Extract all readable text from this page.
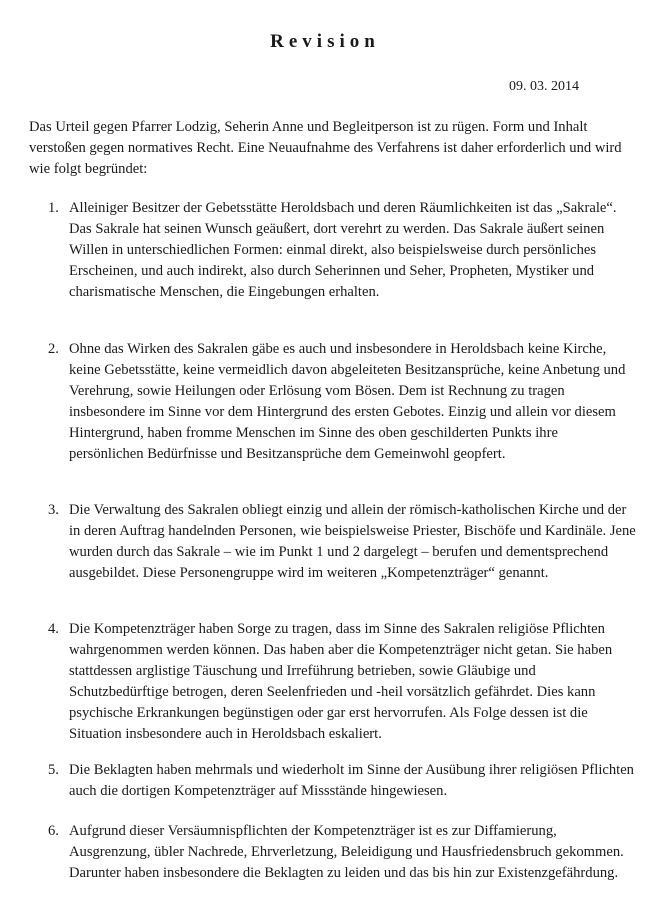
Revision
09. 03. 2014

Das Urteil gegen Pfarrer Lodzig, Seherin Anne und Begleitperson ist zu rügen. Form und Inhalt verstoßen gegen normatives Recht. Eine Neuaufnahme des Verfahrens ist daher erforderlich und wird wie folgt begründet:

1. Alleiniger Besitzer der Gebetsstätte Heroldsbach und deren Räumlichkeiten ist das „Sakrale“. Das Sakrale hat seinen Wunsch geäußert, dort verehrt zu werden. Das Sakrale äußert seinen Willen in unterschiedlichen Formen: einmal direkt, also beispielsweise durch persönliches Erscheinen, und auch indirekt, also durch Seherinnen und Seher, Propheten, Mystiker und charismatische Menschen, die Eingebungen erhalten.
2. Ohne das Wirken des Sakralen gäbe es auch und insbesondere in Heroldsbach keine Kirche, keine Gebetsstätte, keine vermeidlich davon abgeleiteten Besitzansprüche, keine Anbetung und Verehrung, sowie Heilungen oder Erlösung vom Bösen. Dem ist Rechnung zu tragen insbesondere im Sinne vor dem Hintergrund des ersten Gebotes. Einzig und allein vor diesem Hintergrund, haben fromme Menschen im Sinne des oben geschilderten Punkts ihre persönlichen Bedürfnisse und Besitzansprüche dem Gemeinwohl geopfert.
3. Die Verwaltung des Sakralen obliegt einzig und allein der römisch-katholischen Kirche und der in deren Auftrag handelnden Personen, wie beispielsweise Priester, Bischöfe und Kardinäle. Jene wurden durch das Sakrale – wie im Punkt 1 und 2 dargelegt – berufen und dementsprechend ausgebildet. Diese Personengruppe wird im weiteren „Kompetenzträger“ genannt.
4. Die Kompetenzträger haben Sorge zu tragen, dass im Sinne des Sakralen religiöse Pflichten wahrgenommen werden können. Das haben aber die Kompetenzträger nicht getan. Sie haben stattdessen arglistige Täuschung und Irreführung betrieben, sowie Gläubige und Schutzbedürftige betrogen, deren Seelenfrieden und -heil vorsätzlich gefährdet. Dies kann psychische Erkrankungen begünstigen oder gar erst hervorrufen. Als Folge dessen ist die Situation insbesondere auch in Heroldsbach eskaliert.
5. Die Beklagten haben mehrmals und wiederholt im Sinne der Ausübung ihrer religiösen Pflichten auch die dortigen Kompetenzträger auf Missstände hingewiesen.
6. Aufgrund dieser Versäumnispflichten der Kompetenzträger ist es zur Diffamierung, Ausgrenzung, übler Nachrede, Ehrverletzung, Beleidigung und Hausfriedensbruch gekommen. Darunter haben insbesondere die Beklagten zu leiden und das bis hin zur Existenzgefährdung.
